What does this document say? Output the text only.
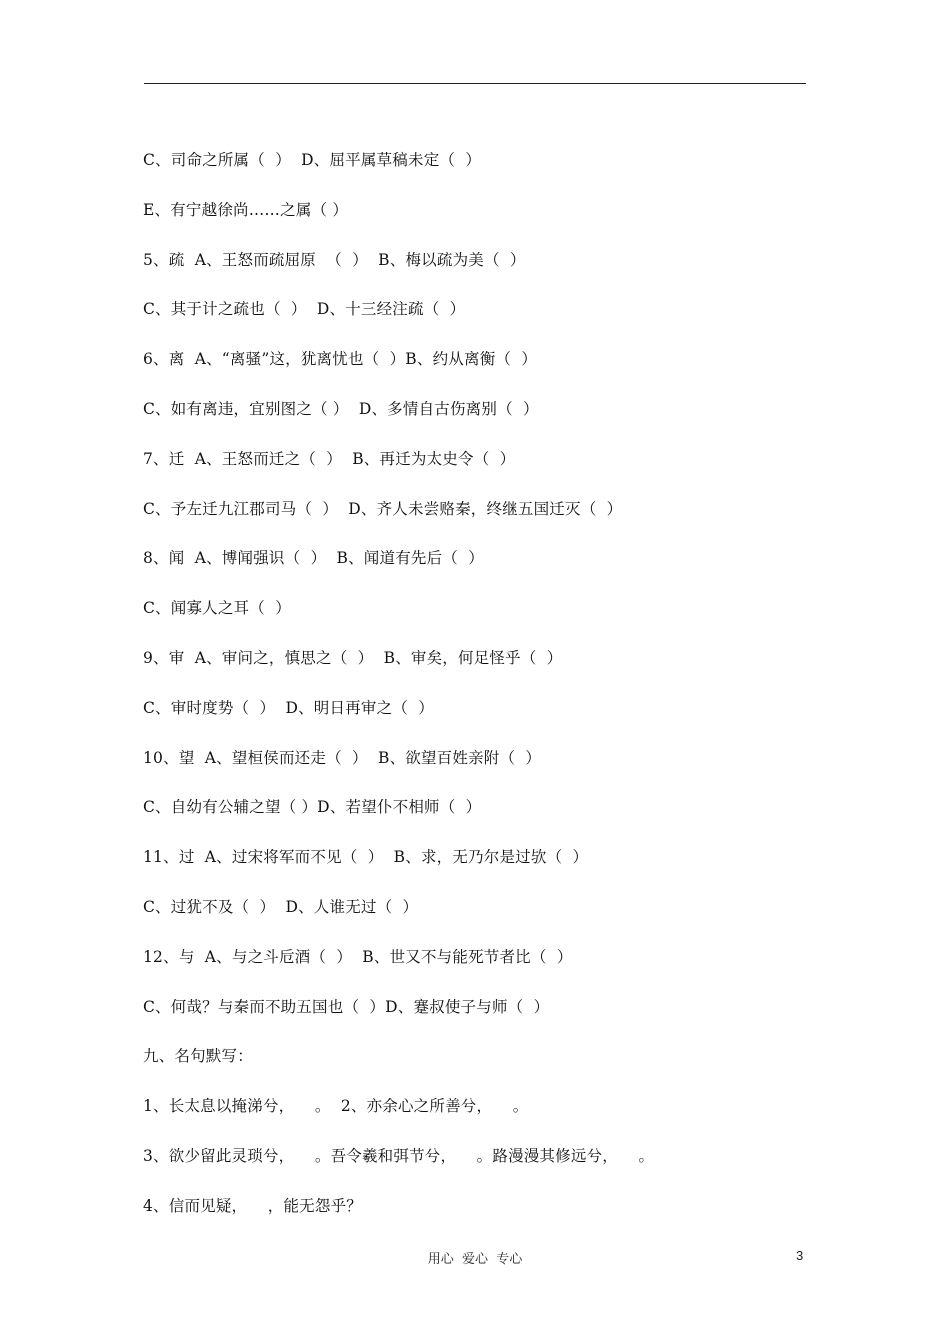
C、司命之所属（  ）  D、屈平属草稿未定（  ）
E、有宁越徐尚……之属（ ）
5、疏  A、王怒而疏屈原  （  ）  B、梅以疏为美（  ）
C、其于计之疏也（  ）  D、十三经注疏（  ）
6、离  A、“离骚”这，犹离忧也（  ）B、约从离衡（  ）
C、如有离违，宜别图之（ ）  D、多情自古伤离别（  ）
7、迁  A、王怒而迁之（  ）  B、再迁为太史令（  ）
C、予左迁九江郡司马（  ）  D、齐人未尝赂秦，终继五国迁灭（  ）
8、闻  A、博闻强识（  ）  B、闻道有先后（  ）
C、闻寡人之耳（  ）
9、审  A、审问之，慎思之（  ）  B、审矣，何足怪乎（  ）
C、审时度势（  ）  D、明日再审之（  ）
10、望  A、望桓侯而还走（  ）  B、欲望百姓亲附（  ）
C、自幼有公辅之望（ ）D、若望仆不相师（  ）
11、过  A、过宋将军而不见（  ）  B、求，无乃尔是过欤（  ）
C、过犹不及（  ）  D、人谁无过（  ）
12、与  A、与之斗卮酒（  ）  B、世又不与能死节者比（  ）
C、何哉？与秦而不助五国也（  ）D、蹇叔使子与师（  ）
九、名句默写：
1、长太息以掩涕兮，    。  2、亦余心之所善兮，    。
3、欲少留此灵琐兮，    。吾令羲和弭节兮，    。路漫漫其修远兮，    。
4、信而见疑，    ，能无怨乎？
用心  爱心  专心	3
